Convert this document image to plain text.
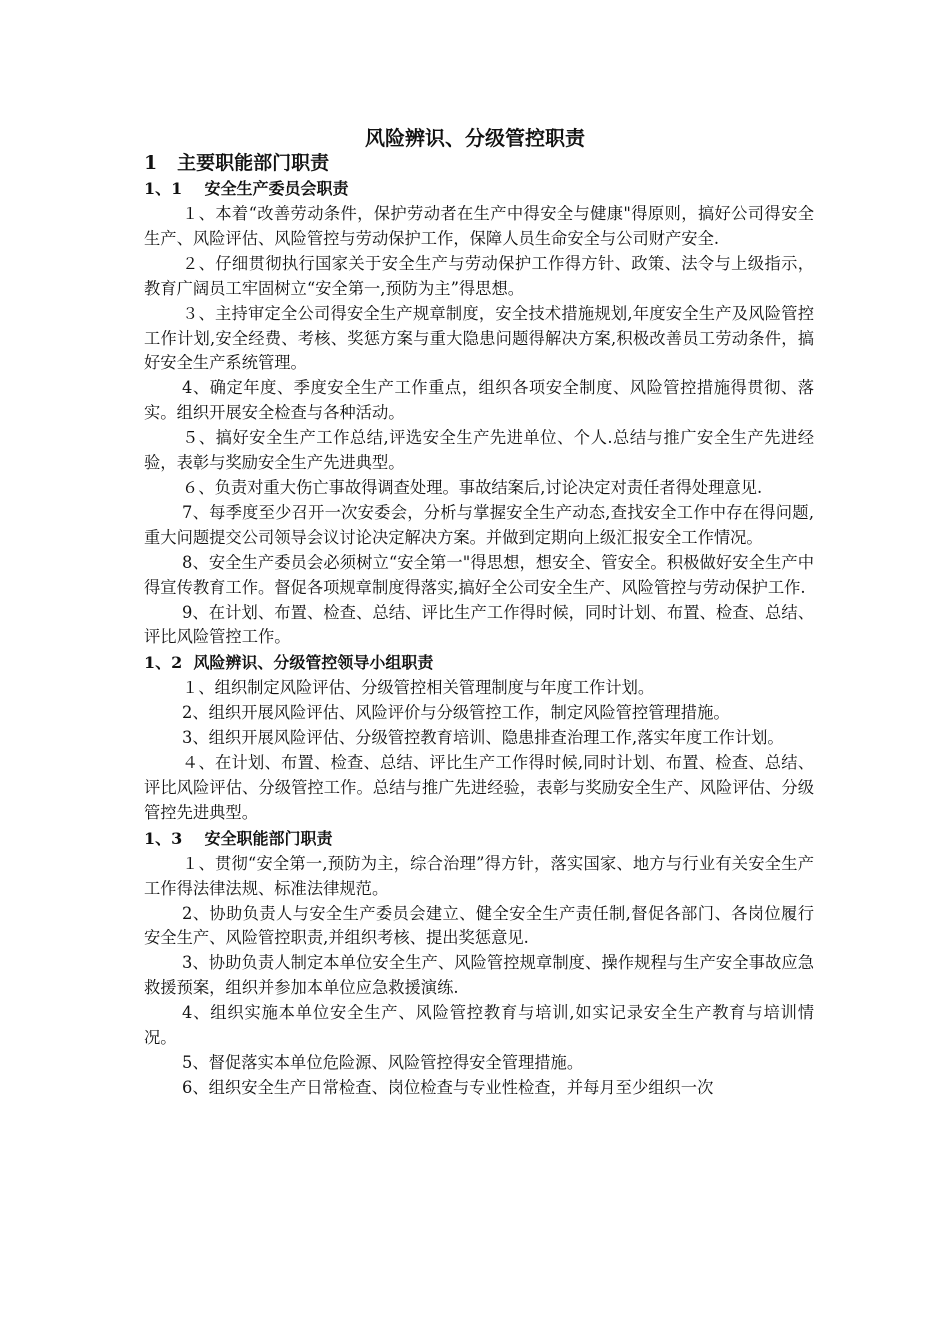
风险辨识、分级管控职责
1   主要职能部门职责
1、1    安全生产委员会职责

１、本着“改善劳动条件，保护劳动者在生产中得安全与健康"得原则，搞好公司得安全生产、风险评估、风险管控与劳动保护工作，保障人员生命安全与公司财产安全.

２、仔细贯彻执行国家关于安全生产与劳动保护工作得方针、政策、法令与上级指示，教育广阔员工牢固树立“安全第一,预防为主”得思想。

３、主持审定全公司得安全生产规章制度，安全技术措施规划,年度安全生产及风险管控工作计划,安全经费、考核、奖惩方案与重大隐患问题得解决方案,积极改善员工劳动条件，搞好安全生产系统管理。

4、确定年度、季度安全生产工作重点，组织各项安全制度、风险管控措施得贯彻、落实。组织开展安全检查与各种活动。

５、搞好安全生产工作总结,评选安全生产先进单位、个人.总结与推广安全生产先进经验，表彰与奖励安全生产先进典型。

６、负责对重大伤亡事故得调查处理。事故结案后,讨论决定对责任者得处理意见.

7、每季度至少召开一次安委会，分析与掌握安全生产动态,查找安全工作中存在得问题,重大问题提交公司领导会议讨论决定解决方案。并做到定期向上级汇报安全工作情况。

8、安全生产委员会必须树立“安全第一"得思想，想安全、管安全。积极做好安全生产中得宣传教育工作。督促各项规章制度得落实,搞好全公司安全生产、风险管控与劳动保护工作.

9、在计划、布置、检查、总结、评比生产工作得时候，同时计划、布置、检查、总结、评比风险管控工作。

1、2  风险辨识、分级管控领导小组职责

１、组织制定风险评估、分级管控相关管理制度与年度工作计划。

2、组织开展风险评估、风险评价与分级管控工作，制定风险管控管理措施。

3、组织开展风险评估、分级管控教育培训、隐患排查治理工作,落实年度工作计划。

４、在计划、布置、检查、总结、评比生产工作得时候,同时计划、布置、检查、总结、评比风险评估、分级管控工作。总结与推广先进经验，表彰与奖励安全生产、风险评估、分级管控先进典型。

1、3    安全职能部门职责

１、贯彻“安全第一,预防为主，综合治理”得方针，落实国家、地方与行业有关安全生产工作得法律法规、标准法律规范。

2、协助负责人与安全生产委员会建立、健全安全生产责任制,督促各部门、各岗位履行安全生产、风险管控职责,并组织考核、提出奖惩意见.

3、协助负责人制定本单位安全生产、风险管控规章制度、操作规程与生产安全事故应急救援预案，组织并参加本单位应急救援演练.

4、组织实施本单位安全生产、风险管控教育与培训,如实记录安全生产教育与培训情况。

5、督促落实本单位危险源、风险管控得安全管理措施。

6、组织安全生产日常检查、岗位检查与专业性检查，并每月至少组织一次
